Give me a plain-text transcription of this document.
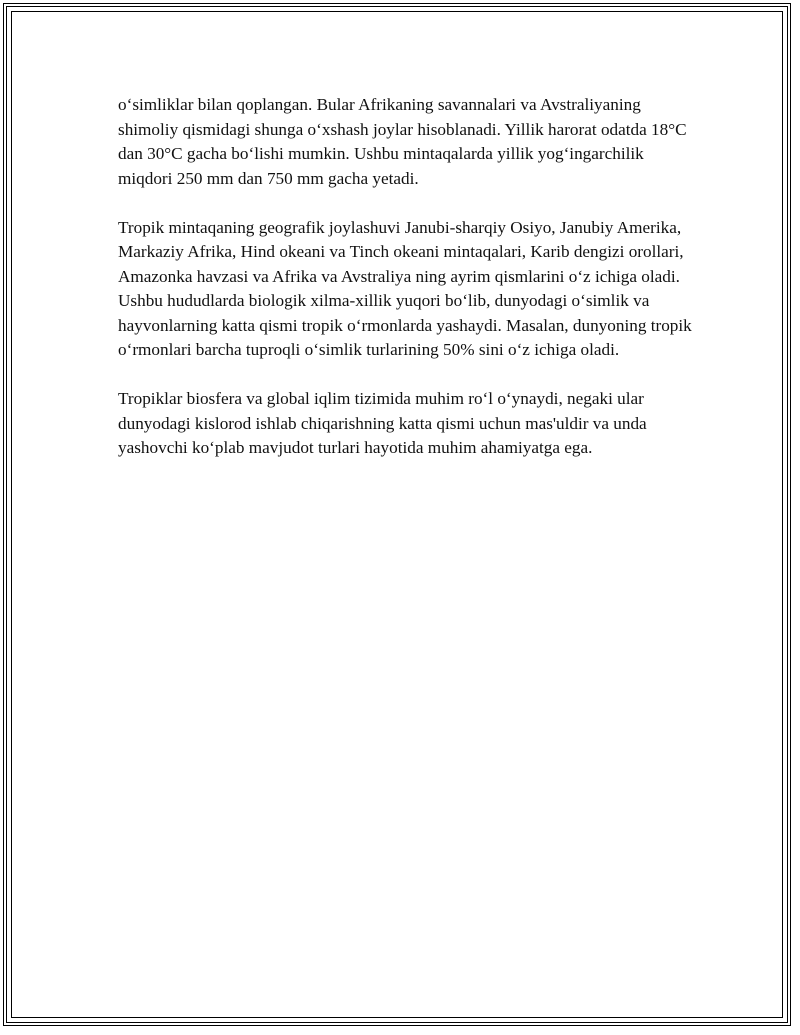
o‘simliklar bilan qoplangan. Bular Afrikaning savannalari va Avstraliyaning shimoliy qismidagi shunga o‘xshash joylar hisoblanadi. Yillik harorat odatda 18°C dan 30°C gacha bo‘lishi mumkin. Ushbu mintaqalarda yillik yog‘ingarchilik miqdori 250 mm dan 750 mm gacha yetadi.

Tropik mintaqaning geografik joylashuvi Janubi-sharqiy Osiyo, Janubiy Amerika, Markaziy Afrika, Hind okeani va Tinch okeani mintaqalari, Karib dengizi orollari, Amazonka havzasi va Afrika va Avstraliya ning ayrim qismlarini o‘z ichiga oladi. Ushbu hududlarda biologik xilma-xillik yuqori bo‘lib, dunyodagi o‘simlik va hayvonlarning katta qismi tropik o‘rmonlarda yashaydi. Masalan, dunyoning tropik o‘rmonlari barcha tuproqli o‘simlik turlarining 50% sini o‘z ichiga oladi.

Tropiklar biosfera va global iqlim tizimida muhim ro‘l o‘ynaydi, negaki ular dunyodagi kislorod ishlab chiqarishning katta qismi uchun mas'uldir va unda yashovchi ko‘plab mavjudot turlari hayotida muhim ahamiyatga ega.
